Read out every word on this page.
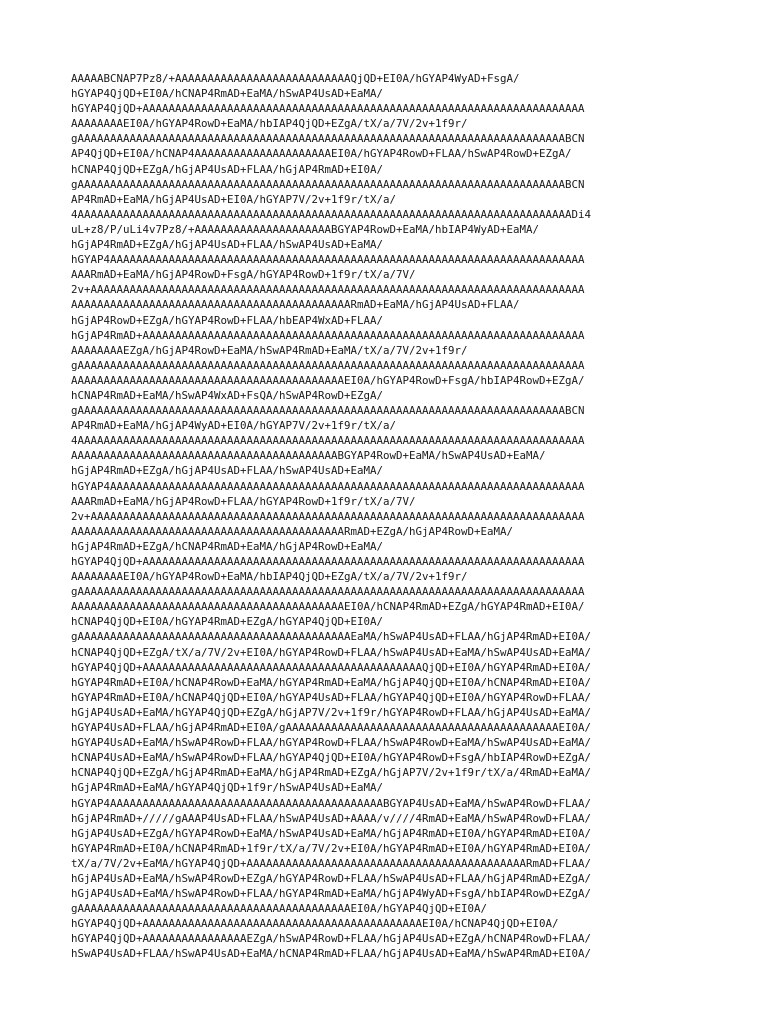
AAAAABCNAP7Pz8/+AAAAAAAAAAAAAAAAAAAAAAAAAAAQjQD+EI0A/hGYAP4WyAD+FsgA/
hGYAP4QjQD+EI0A/hCNAP4RmAD+EaMA/hSwAP4UsAD+EaMA/
hGYAP4QjQD+AAAAAAAAAAAAAAAAAAAAAAAAAAAAAAAAAAAAAAAAAAAAAAAAAAAAAAAAAAAAAAAAAAAA
AAAAAAAAEI0A/hGYAP4RowD+EaMA/hbIAP4QjQD+EZgA/tX/a/7V/2v+1f9r/
gAAAAAAAAAAAAAAAAAAAAAAAAAAAAAAAAAAAAAAAAAAAAAAAAAAAAAAAAAAAAAAAAAAAAAAAAAAABCN
AP4QjQD+EI0A/hCNAP4AAAAAAAAAAAAAAAAAAAAAEI0A/hGYAP4RowD+FLAA/hSwAP4RowD+EZgA/
hCNAP4QjQD+EZgA/hGjAP4UsAD+FLAA/hGjAP4RmAD+EI0A/
gAAAAAAAAAAAAAAAAAAAAAAAAAAAAAAAAAAAAAAAAAAAAAAAAAAAAAAAAAAAAAAAAAAAAAAAAAAABCN
AP4RmAD+EaMA/hGjAP4UsAD+EI0A/hGYAP7V/2v+1f9r/tX/a/
4AAAAAAAAAAAAAAAAAAAAAAAAAAAAAAAAAAAAAAAAAAAAAAAAAAAAAAAAAAAAAAAAAAAAAAAAAAAADi4
uL+z8/P/uLi4v7Pz8/+AAAAAAAAAAAAAAAAAAAAABGYAP4RowD+EaMA/hbIAP4WyAD+EaMA/
hGjAP4RmAD+EZgA/hGjAP4UsAD+FLAA/hSwAP4UsAD+EaMA/
hGYAP4AAAAAAAAAAAAAAAAAAAAAAAAAAAAAAAAAAAAAAAAAAAAAAAAAAAAAAAAAAAAAAAAAAAAAAAAA
AAARmAD+EaMA/hGjAP4RowD+FsgA/hGYAP4RowD+1f9r/tX/a/7V/
2v+AAAAAAAAAAAAAAAAAAAAAAAAAAAAAAAAAAAAAAAAAAAAAAAAAAAAAAAAAAAAAAAAAAAAAAAAAAAA
AAAAAAAAAAAAAAAAAAAAAAAAAAAAAAAAAAAAAAAAAAARmAD+EaMA/hGjAP4UsAD+FLAA/
hGjAP4RowD+EZgA/hGYAP4RowD+FLAA/hbEAP4WxAD+FLAA/
hGjAP4RmAD+AAAAAAAAAAAAAAAAAAAAAAAAAAAAAAAAAAAAAAAAAAAAAAAAAAAAAAAAAAAAAAAAAAAA
AAAAAAAAEZgA/hGjAP4RowD+EaMA/hSwAP4RmAD+EaMA/tX/a/7V/2v+1f9r/
gAAAAAAAAAAAAAAAAAAAAAAAAAAAAAAAAAAAAAAAAAAAAAAAAAAAAAAAAAAAAAAAAAAAAAAAAAAAAAA
AAAAAAAAAAAAAAAAAAAAAAAAAAAAAAAAAAAAAAAAAAEI0A/hGYAP4RowD+FsgA/hbIAP4RowD+EZgA/
hCNAP4RmAD+EaMA/hSwAP4WxAD+FsQA/hSwAP4RowD+EZgA/
gAAAAAAAAAAAAAAAAAAAAAAAAAAAAAAAAAAAAAAAAAAAAAAAAAAAAAAAAAAAAAAAAAAAAAAAAAAABCN
AP4RmAD+EaMA/hGjAP4WyAD+EI0A/hGYAP7V/2v+1f9r/tX/a/
4AAAAAAAAAAAAAAAAAAAAAAAAAAAAAAAAAAAAAAAAAAAAAAAAAAAAAAAAAAAAAAAAAAAAAAAAAAAAAA
AAAAAAAAAAAAAAAAAAAAAAAAAAAAAAAAAAAAAAAAABGYAP4RowD+EaMA/hSwAP4UsAD+EaMA/
hGjAP4RmAD+EZgA/hGjAP4UsAD+FLAA/hSwAP4UsAD+EaMA/
hGYAP4AAAAAAAAAAAAAAAAAAAAAAAAAAAAAAAAAAAAAAAAAAAAAAAAAAAAAAAAAAAAAAAAAAAAAAAAA
AAARmAD+EaMA/hGjAP4RowD+FLAA/hGYAP4RowD+1f9r/tX/a/7V/
2v+AAAAAAAAAAAAAAAAAAAAAAAAAAAAAAAAAAAAAAAAAAAAAAAAAAAAAAAAAAAAAAAAAAAAAAAAAAAA
AAAAAAAAAAAAAAAAAAAAAAAAAAAAAAAAAAAAAAAAAARmAD+EZgA/hGjAP4RowD+EaMA/
hGjAP4RmAD+EZgA/hCNAP4RmAD+EaMA/hGjAP4RowD+EaMA/
hGYAP4QjQD+AAAAAAAAAAAAAAAAAAAAAAAAAAAAAAAAAAAAAAAAAAAAAAAAAAAAAAAAAAAAAAAAAAAA
AAAAAAAAEI0A/hGYAP4RowD+EaMA/hbIAP4QjQD+EZgA/tX/a/7V/2v+1f9r/
gAAAAAAAAAAAAAAAAAAAAAAAAAAAAAAAAAAAAAAAAAAAAAAAAAAAAAAAAAAAAAAAAAAAAAAAAAAAAAA
AAAAAAAAAAAAAAAAAAAAAAAAAAAAAAAAAAAAAAAAAAEI0A/hCNAP4RmAD+EZgA/hGYAP4RmAD+EI0A/
hCNAP4QjQD+EI0A/hGYAP4RmAD+EZgA/hGYAP4QjQD+EI0A/
gAAAAAAAAAAAAAAAAAAAAAAAAAAAAAAAAAAAAAAAAAAEaMA/hSwAP4UsAD+FLAA/hGjAP4RmAD+EI0A/
hCNAP4QjQD+EZgA/tX/a/7V/2v+EI0A/hGYAP4RowD+FLAA/hSwAP4UsAD+EaMA/hSwAP4UsAD+EaMA/
hGYAP4QjQD+AAAAAAAAAAAAAAAAAAAAAAAAAAAAAAAAAAAAAAAAAAAQjQD+EI0A/hGYAP4RmAD+EI0A/
hGYAP4RmAD+EI0A/hCNAP4RowD+EaMA/hGYAP4RmAD+EaMA/hGjAP4QjQD+EI0A/hCNAP4RmAD+EI0A/
hGYAP4RmAD+EI0A/hCNAP4QjQD+EI0A/hGYAP4UsAD+FLAA/hGYAP4QjQD+EI0A/hGYAP4RowD+FLAA/
hGjAP4UsAD+EaMA/hGYAP4QjQD+EZgA/hGjAP7V/2v+1f9r/hGYAP4RowD+FLAA/hGjAP4UsAD+EaMA/
hGYAP4UsAD+FLAA/hGjAP4RmAD+EI0A/gAAAAAAAAAAAAAAAAAAAAAAAAAAAAAAAAAAAAAAAAAAEI0A/
hGYAP4UsAD+EaMA/hSwAP4RowD+FLAA/hGYAP4RowD+FLAA/hSwAP4RowD+EaMA/hSwAP4UsAD+EaMA/
hCNAP4UsAD+EaMA/hSwAP4RowD+FLAA/hGYAP4QjQD+EI0A/hGYAP4RowD+FsgA/hbIAP4RowD+EZgA/
hCNAP4QjQD+EZgA/hGjAP4RmAD+EaMA/hGjAP4RmAD+EZgA/hGjAP7V/2v+1f9r/tX/a/4RmAD+EaMA/
hGjAP4RmAD+EaMA/hGYAP4QjQD+1f9r/hSwAP4UsAD+EaMA/
hGYAP4AAAAAAAAAAAAAAAAAAAAAAAAAAAAAAAAAAAAAAAAAABGYAP4UsAD+EaMA/hSwAP4RowD+FLAA/
hGjAP4RmAD+/////gAAAP4UsAD+FLAA/hSwAP4UsAD+AAAA/v////4RmAD+EaMA/hSwAP4RowD+FLAA/
hGjAP4UsAD+EZgA/hGYAP4RowD+EaMA/hSwAP4UsAD+EaMA/hGjAP4RmAD+EI0A/hGYAP4RmAD+EI0A/
hGYAP4RmAD+EI0A/hCNAP4RmAD+1f9r/tX/a/7V/2v+EI0A/hGYAP4RmAD+EI0A/hGYAP4RmAD+EI0A/
tX/a/7V/2v+EaMA/hGYAP4QjQD+AAAAAAAAAAAAAAAAAAAAAAAAAAAAAAAAAAAAAAAAAAARmAD+FLAA/
hGjAP4UsAD+EaMA/hSwAP4RowD+EZgA/hGYAP4RowD+FLAA/hSwAP4UsAD+FLAA/hGjAP4RmAD+EZgA/
hGjAP4UsAD+EaMA/hSwAP4RowD+FLAA/hGYAP4RmAD+EaMA/hGjAP4WyAD+FsgA/hbIAP4RowD+EZgA/
gAAAAAAAAAAAAAAAAAAAAAAAAAAAAAAAAAAAAAAAAAAEI0A/hGYAP4QjQD+EI0A/
hGYAP4QjQD+AAAAAAAAAAAAAAAAAAAAAAAAAAAAAAAAAAAAAAAAAAAEI0A/hCNAP4QjQD+EI0A/
hGYAP4QjQD+AAAAAAAAAAAAAAAAEZgA/hSwAP4RowD+FLAA/hGjAP4UsAD+EZgA/hCNAP4RowD+FLAA/
hSwAP4UsAD+FLAA/hSwAP4UsAD+EaMA/hCNAP4RmAD+FLAA/hGjAP4UsAD+EaMA/hSwAP4RmAD+EI0A/
